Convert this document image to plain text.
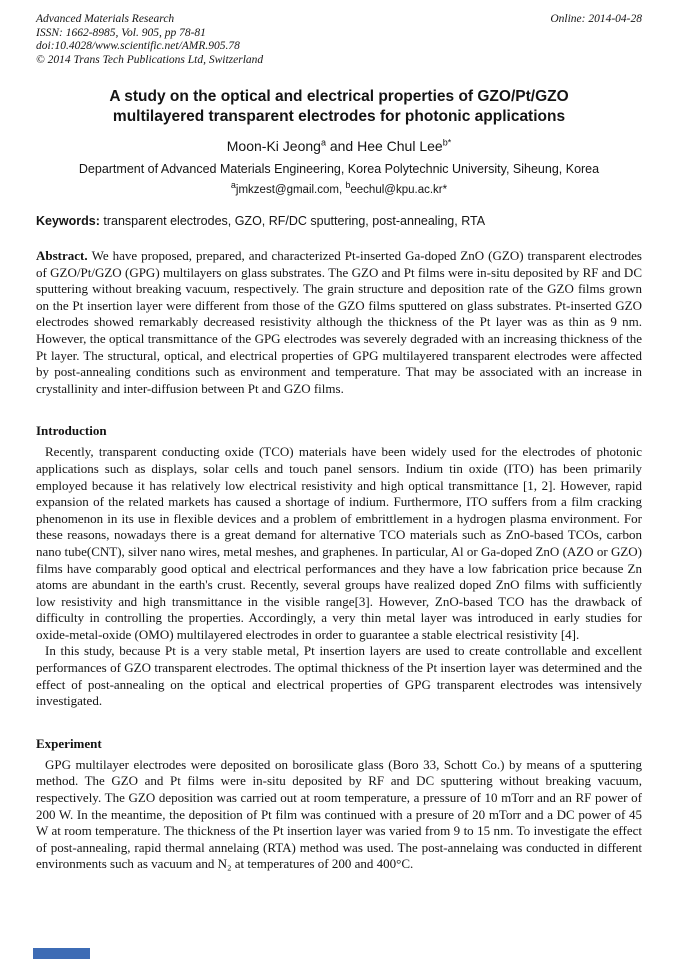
Advanced Materials Research
ISSN: 1662-8985, Vol. 905, pp 78-81
doi:10.4028/www.scientific.net/AMR.905.78
© 2014 Trans Tech Publications Ltd, Switzerland
Online: 2014-04-28
A study on the optical and electrical properties of GZO/Pt/GZO multilayered transparent electrodes for photonic applications
Moon-Ki Jeong$^a$ and Hee Chul Lee$^{b*}$
Department of Advanced Materials Engineering, Korea Polytechnic University, Siheung, Korea
$^a$jmkzest@gmail.com, $^b$eechul@kpu.ac.kr*
Keywords: transparent electrodes, GZO, RF/DC sputtering, post-annealing, RTA
Abstract. We have proposed, prepared, and characterized Pt-inserted Ga-doped ZnO (GZO) transparent electrodes of GZO/Pt/GZO (GPG) multilayers on glass substrates. The GZO and Pt films were in-situ deposited by RF and DC sputtering without breaking vacuum, respectively. The grain structure and deposition rate of the GZO films grown on the Pt insertion layer were different from those of the GZO films sputtered on glass substrates. Pt-inserted GZO electrodes showed remarkably decreased resistivity although the thickness of the Pt layer was as thin as 9 nm. However, the optical transmittance of the GPG electrodes was severely degraded with an increasing thickness of the Pt layer. The structural, optical, and electrical properties of GPG multilayered transparent electrodes were affected by post-annealing conditions such as environment and temperature. That may be associated with an increase in crystallinity and inter-diffusion between Pt and GZO films.
Introduction

Recently, transparent conducting oxide (TCO) materials have been widely used for the electrodes of photonic applications such as displays, solar cells and touch panel sensors. Indium tin oxide (ITO) has been primarily employed because it has relatively low electrical resistivity and high optical transmittance [1, 2]. However, rapid expansion of the related markets has caused a shortage of indium. Furthermore, ITO suffers from a film cracking phenomenon in its use in flexible devices and a problem of embrittlement in a hydrogen plasma environment. For these reasons, nowadays there is a great demand for alternative TCO materials such as ZnO-based TCOs, carbon nano tube(CNT), silver nano wires, metal meshes, and graphenes. In particular, Al or Ga-doped ZnO (AZO or GZO) films have comparably good optical and electrical performances and they have a low fabrication price because Zn atoms are abundant in the earth's crust. Recently, several groups have realized doped ZnO films with sufficiently low resistivity and high transmittance in the visible range[3]. However, ZnO-based TCO has the drawback of difficulty in controlling the properties. Accordingly, a very thin metal layer was introduced in early studies for oxide-metal-oxide (OMO) multilayered electrodes in order to guarantee a stable electrical resistivity [4].

In this study, because Pt is a very stable metal, Pt insertion layers are used to create controllable and excellent performances of GZO transparent electrodes. The optimal thickness of the Pt insertion layer was determined and the effect of post-annealing on the optical and electrical properties of GPG transparent electrodes was intensively investigated.

Experiment

GPG multilayer electrodes were deposited on borosilicate glass (Boro 33, Schott Co.) by means of a sputtering method. The GZO and Pt films were in-situ deposited by RF and DC sputtering without breaking vacuum, respectively. The GZO deposition was carried out at room temperature, a pressure of 10 mTorr and an RF power of 200 W. In the meantime, the deposition of Pt film was continued with a presure of 20 mTorr and a DC power of 45 W at room temperature. The thickness of the Pt insertion layer was varied from 9 to 15 nm. To investigate the effect of post-annealing, rapid thermal annelaing (RTA) method was used. The post-annelaing was conducted in different environments such as vacuum and N₂ at temperatures of 200 and 400°C.
